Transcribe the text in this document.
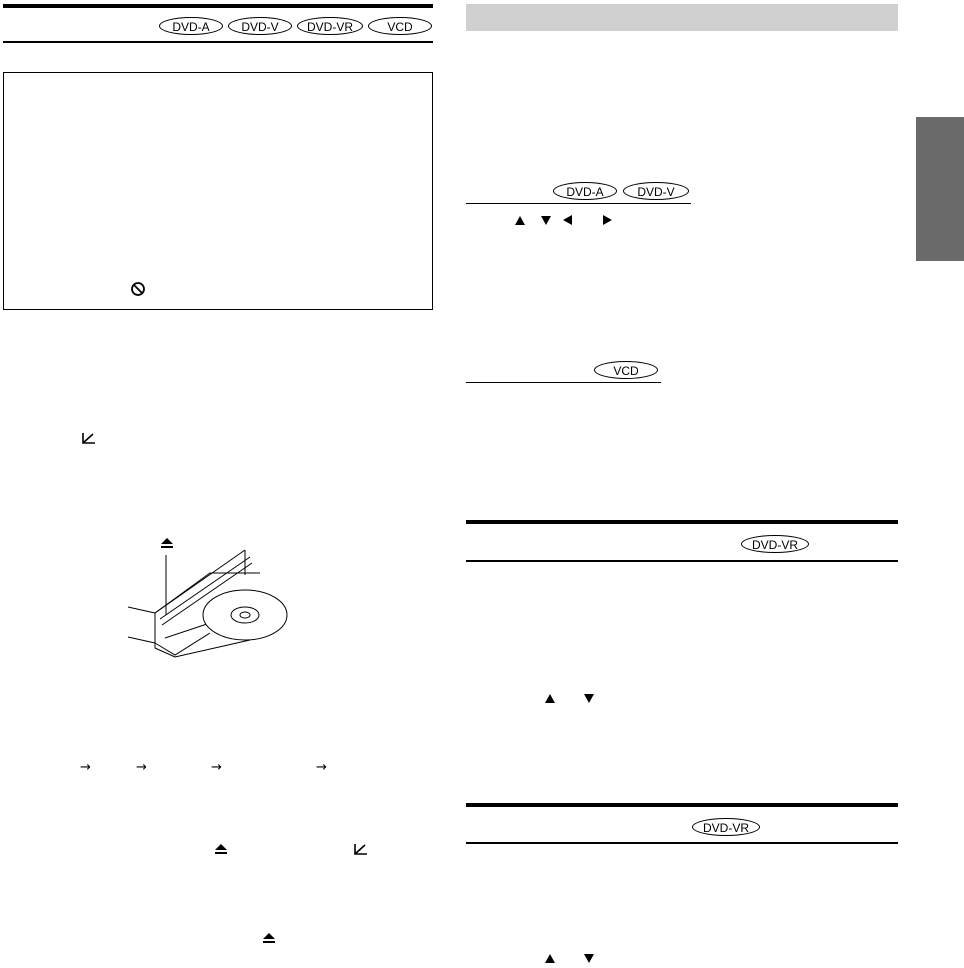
DVD-A	DVD-V	DVD-VR	VCD
→	→	→	→
DVD-A	DVD-V
VCD
DVD-VR
DVD-VR
